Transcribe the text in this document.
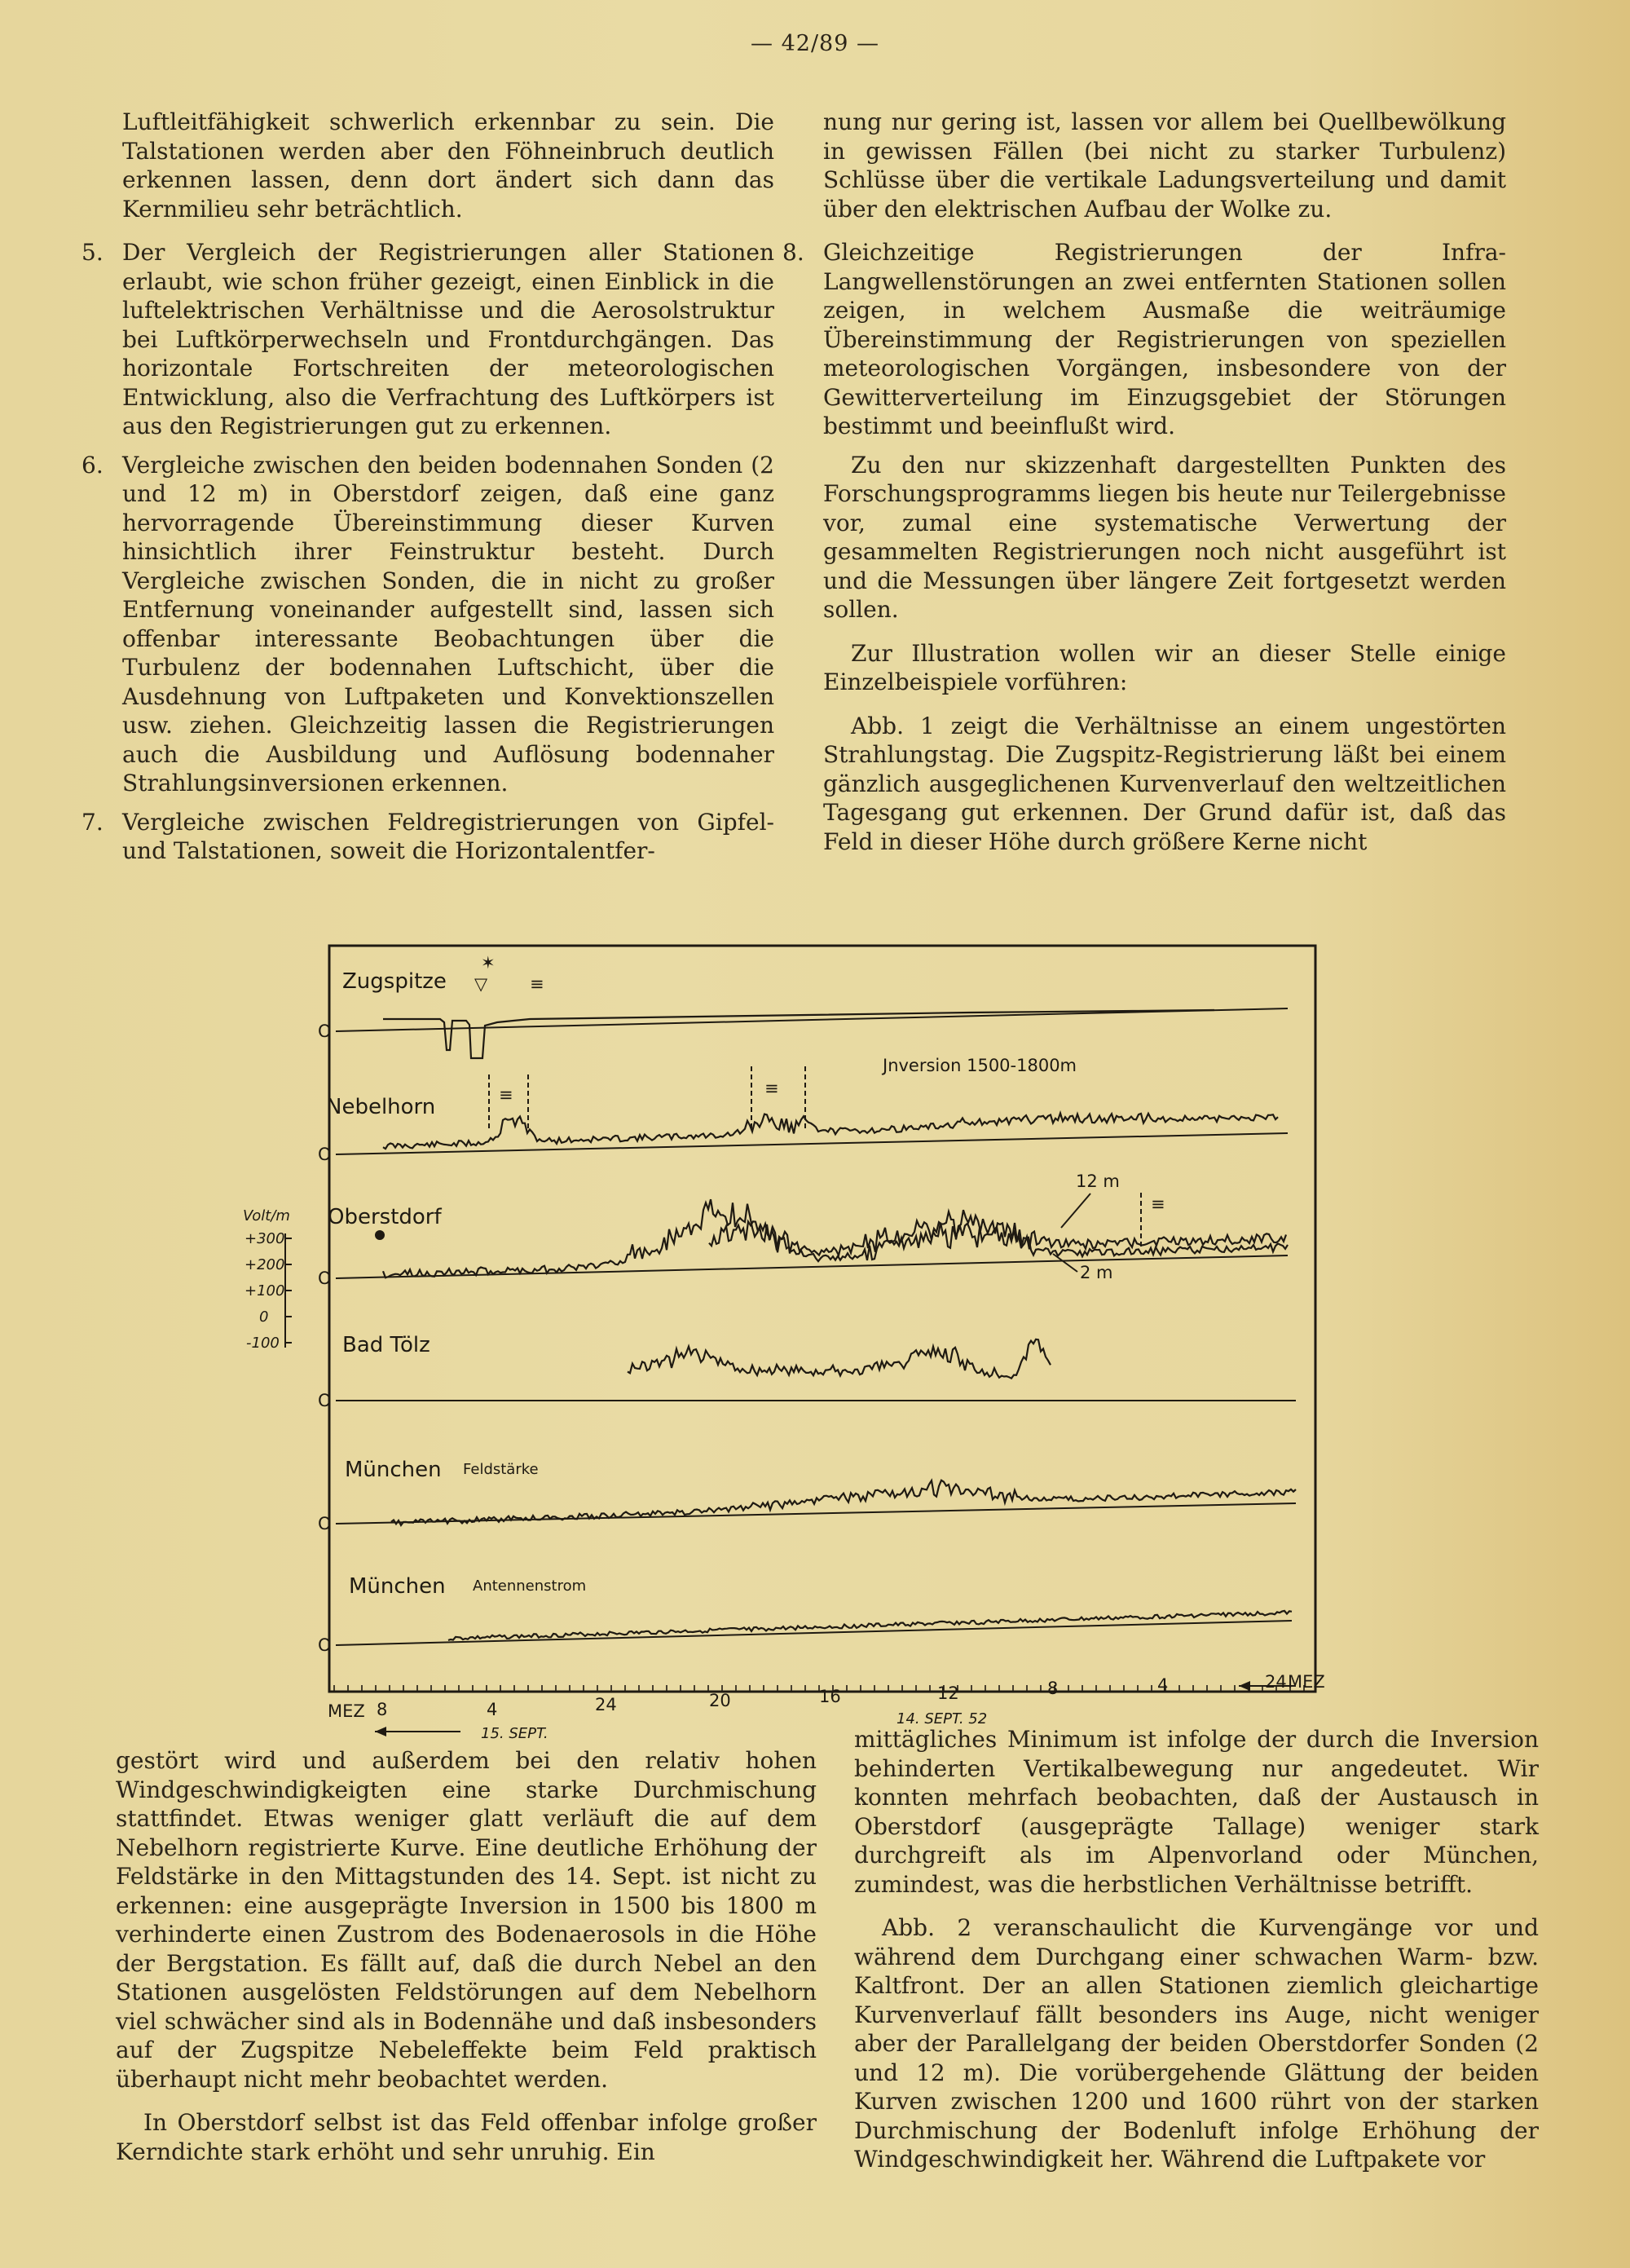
— 42/89 —

Luftleitfähigkeit schwerlich erkennbar zu sein. Die Talstationen werden aber den Föhneinbruch deutlich erkennen lassen, denn dort ändert sich dann das Kernmilieu sehr beträchtlich.

5. Der Vergleich der Registrierungen aller Stationen erlaubt, wie schon früher gezeigt, einen Einblick in die luftelektrischen Verhältnisse und die Aerosolstruktur bei Luftkörperwechseln und Frontdurchgängen. Das horizontale Fortschreiten der meteorologischen Entwicklung, also die Verfrachtung des Luftkörpers ist aus den Registrierungen gut zu erkennen.
6. Vergleiche zwischen den beiden bodennahen Sonden (2 und 12 m) in Oberstdorf zeigen, daß eine ganz hervorragende Übereinstimmung dieser Kurven hinsichtlich ihrer Feinstruktur besteht. Durch Vergleiche zwischen Sonden, die in nicht zu großer Entfernung voneinander aufgestellt sind, lassen sich offenbar interessante Beobachtungen über die Turbulenz der bodennahen Luftschicht, über die Ausdehnung von Luftpaketen und Konvektionszellen usw. ziehen. Gleichzeitig lassen die Registrierungen auch die Ausbildung und Auflösung bodennaher Strahlungsinversionen erkennen.
7. Vergleiche zwischen Feldregistrierungen von Gipfel- und Talstationen, soweit die Horizontalentfer-

nung nur gering ist, lassen vor allem bei Quellbewölkung in gewissen Fällen (bei nicht zu starker Turbulenz) Schlüsse über die vertikale Ladungsverteilung und damit über den elektrischen Aufbau der Wolke zu.

8. Gleichzeitige Registrierungen der Infra-Langwellenstörungen an zwei entfernten Stationen sollen zeigen, in welchem Ausmaße die weiträumige Übereinstimmung der Registrierungen von speziellen meteorologischen Vorgängen, insbesondere von der Gewitterverteilung im Einzugsgebiet der Störungen bestimmt und beeinflußt wird.

Zu den nur skizzenhaft dargestellten Punkten des Forschungsprogramms liegen bis heute nur Teilergebnisse vor, zumal eine systematische Verwertung der gesammelten Registrierungen noch nicht ausgeführt ist und die Messungen über längere Zeit fortgesetzt werden sollen.

Zur Illustration wollen wir an dieser Stelle einige Einzelbeispiele vorführen:

Abb. 1 zeigt die Verhältnisse an einem ungestörten Strahlungstag. Die Zugspitz-Registrierung läßt bei einem gänzlich ausgeglichenen Kurvenverlauf den weltzeitlichen Tagesgang gut erkennen. Der Grund dafür ist, daß das Feld in dieser Höhe durch größere Kerne nicht

Zugspitze
✶
▽ ≡
O
Nebelhorn
Jnversion 1500-1800m
≡	≡
O
Oberstdorf
12 m
2 m
≡
O
Volt/m
+300
+200
+100
0
-100	Bad Tölz
O
München Feldstärke
O
München Antennenstrom
O
MEZ 8	4	24	20	16	12	8	4	24 MEZ
15. SEPT.
14. SEPT. 52

gestört wird und außerdem bei den relativ hohen Windgeschwindigkeigten eine starke Durchmischung stattfindet. Etwas weniger glatt verläuft die auf dem Nebelhorn registrierte Kurve. Eine deutliche Erhöhung der Feldstärke in den Mittagstunden des 14. Sept. ist nicht zu erkennen: eine ausgeprägte Inversion in 1500 bis 1800 m verhinderte einen Zustrom des Bodenaerosols in die Höhe der Bergstation. Es fällt auf, daß die durch Nebel an den Stationen ausgelösten Feldstörungen auf dem Nebelhorn viel schwächer sind als in Bodennähe und daß insbesonders auf der Zugspitze Nebeleffekte beim Feld praktisch überhaupt nicht mehr beobachtet werden.

In Oberstdorf selbst ist das Feld offenbar infolge großer Kerndichte stark erhöht und sehr unruhig. Ein

mittägliches Minimum ist infolge der durch die Inversion behinderten Vertikalbewegung nur angedeutet. Wir konnten mehrfach beobachten, daß der Austausch in Oberstdorf (ausgeprägte Tallage) weniger stark durchgreift als im Alpenvorland oder München, zumindest, was die herbstlichen Verhältnisse betrifft.

Abb. 2 veranschaulicht die Kurvengänge vor und während dem Durchgang einer schwachen Warm- bzw. Kaltfront. Der an allen Stationen ziemlich gleichartige Kurvenverlauf fällt besonders ins Auge, nicht weniger aber der Parallelgang der beiden Oberstdorfer Sonden (2 und 12 m). Die vorübergehende Glättung der beiden Kurven zwischen 1200 und 1600 rührt von der starken Durchmischung der Bodenluft infolge Erhöhung der Windgeschwindigkeit her. Während die Luftpakete vor
